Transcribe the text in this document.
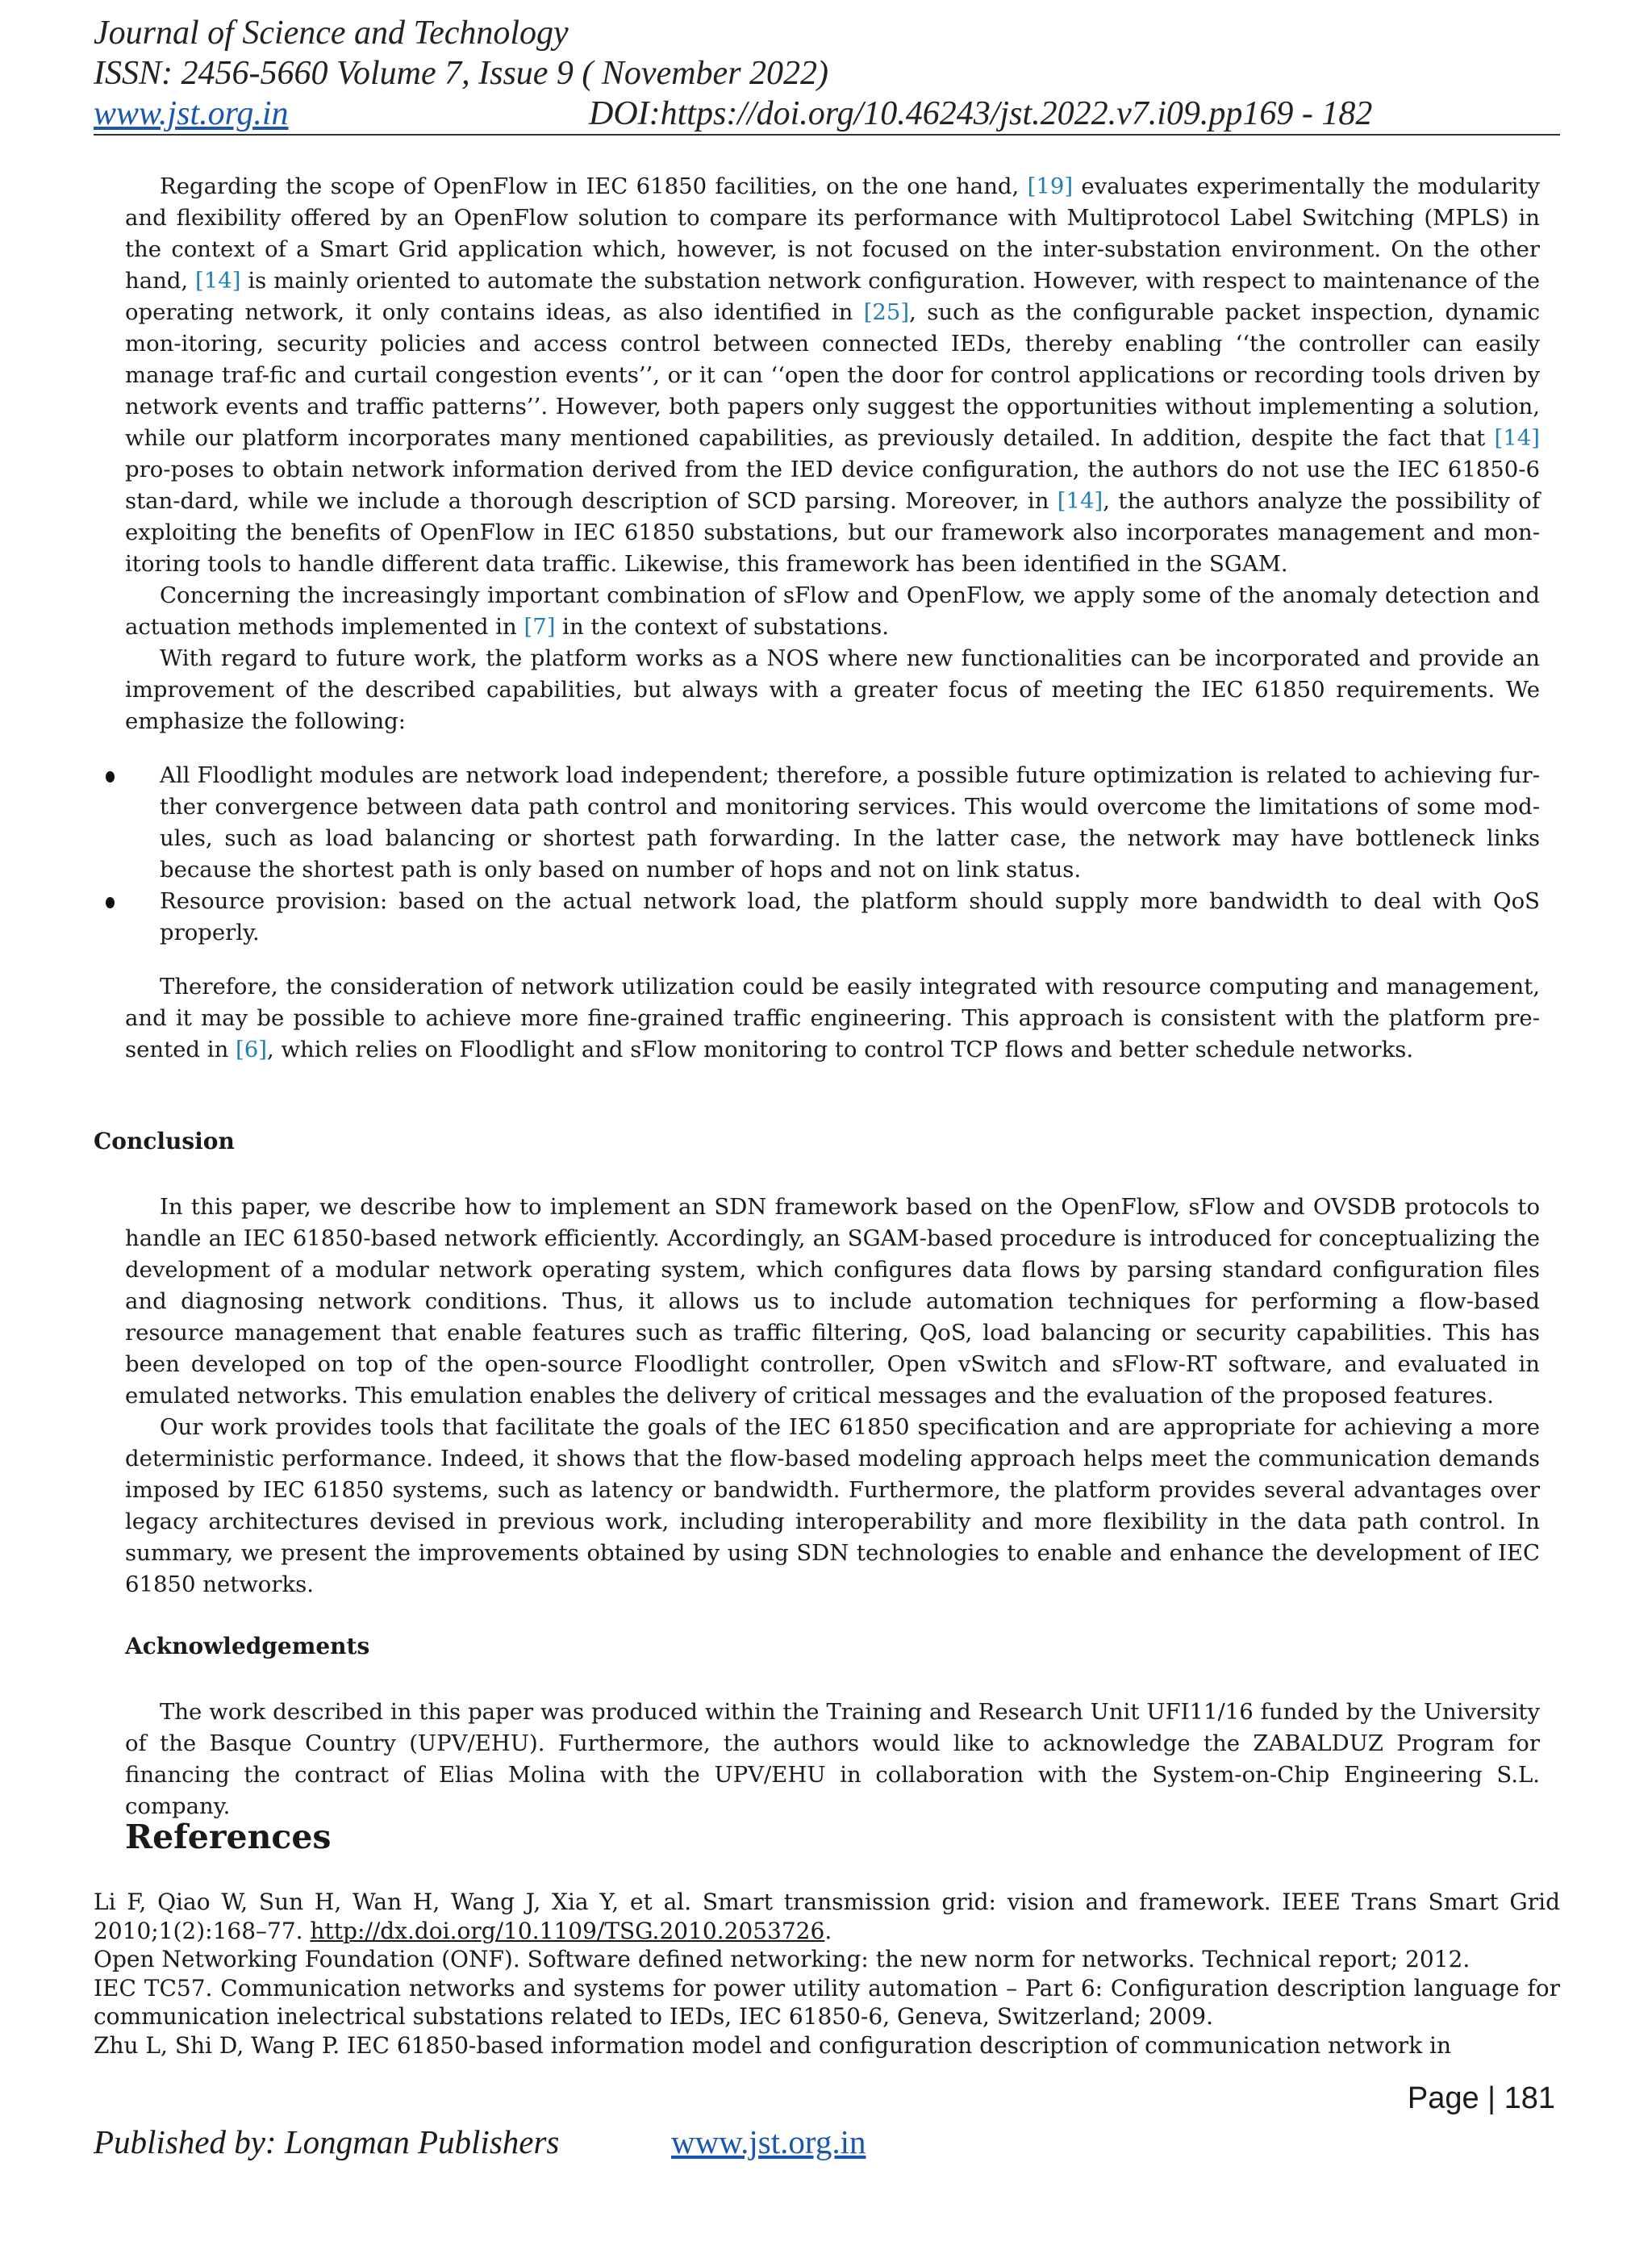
Journal of Science and Technology
ISSN: 2456-5660 Volume 7, Issue 9 ( November 2022)
www.jst.org.in	DOI:https://doi.org/10.46243/jst.2022.v7.i09.pp169 - 182

Regarding the scope of OpenFlow in IEC 61850 facilities, on the one hand, [19] evaluates experimentally the modularity and flexibility offered by an OpenFlow solution to compare its performance with Multiprotocol Label Switching (MPLS) in the context of a Smart Grid application which, however, is not focused on the inter-substation environment. On the other hand, [14] is mainly oriented to automate the substation network configuration. However, with respect to maintenance of the operating network, it only contains ideas, as also identified in [25], such as the configurable packet inspection, dynamic mon-itoring, security policies and access control between connected IEDs, thereby enabling ‘‘the controller can easily manage traf-fic and curtail congestion events’’, or it can ‘‘open the door for control applications or recording tools driven by network events and traffic patterns’’. However, both papers only suggest the opportunities without implementing a solution, while our platform incorporates many mentioned capabilities, as previously detailed. In addition, despite the fact that [14] pro-poses to obtain network information derived from the IED device configuration, the authors do not use the IEC 61850-6 stan-dard, while we include a thorough description of SCD parsing. Moreover, in [14], the authors analyze the possibility of exploiting the benefits of OpenFlow in IEC 61850 substations, but our framework also incorporates management and mon-itoring tools to handle different data traffic. Likewise, this framework has been identified in the SGAM.

Concerning the increasingly important combination of sFlow and OpenFlow, we apply some of the anomaly detection and actuation methods implemented in [7] in the context of substations.

With regard to future work, the platform works as a NOS where new functionalities can be incorporated and provide an improvement of the described capabilities, but always with a greater focus of meeting the IEC 61850 requirements. We emphasize the following:

All Floodlight modules are network load independent; therefore, a possible future optimization is related to achieving fur-ther convergence between data path control and monitoring services. This would overcome the limitations of some mod-ules, such as load balancing or shortest path forwarding. In the latter case, the network may have bottleneck links because the shortest path is only based on number of hops and not on link status.
Resource provision: based on the actual network load, the platform should supply more bandwidth to deal with QoS properly.

Therefore, the consideration of network utilization could be easily integrated with resource computing and management, and it may be possible to achieve more fine-grained traffic engineering. This approach is consistent with the platform pre-sented in [6], which relies on Floodlight and sFlow monitoring to control TCP flows and better schedule networks.

Conclusion

In this paper, we describe how to implement an SDN framework based on the OpenFlow, sFlow and OVSDB protocols to handle an IEC 61850-based network efficiently. Accordingly, an SGAM-based procedure is introduced for conceptualizing the development of a modular network operating system, which configures data flows by parsing standard configuration files and diagnosing network conditions. Thus, it allows us to include automation techniques for performing a flow-based resource management that enable features such as traffic filtering, QoS, load balancing or security capabilities. This has been developed on top of the open-source Floodlight controller, Open vSwitch and sFlow-RT software, and evaluated in emulated networks. This emulation enables the delivery of critical messages and the evaluation of the proposed features.

Our work provides tools that facilitate the goals of the IEC 61850 specification and are appropriate for achieving a more deterministic performance. Indeed, it shows that the flow-based modeling approach helps meet the communication demands imposed by IEC 61850 systems, such as latency or bandwidth. Furthermore, the platform provides several advantages over legacy architectures devised in previous work, including interoperability and more flexibility in the data path control. In summary, we present the improvements obtained by using SDN technologies to enable and enhance the development of IEC 61850 networks.

Acknowledgements

The work described in this paper was produced within the Training and Research Unit UFI11/16 funded by the University of the Basque Country (UPV/EHU). Furthermore, the authors would like to acknowledge the ZABALDUZ Program for financing the contract of Elias Molina with the UPV/EHU in collaboration with the System-on-Chip Engineering S.L. company.

References

Li F, Qiao W, Sun H, Wan H, Wang J, Xia Y, et al. Smart transmission grid: vision and framework. IEEE Trans Smart Grid 2010;1(2):168–77. http://dx.doi.org/10.1109/TSG.2010.2053726.

Open Networking Foundation (ONF). Software defined networking: the new norm for networks. Technical report; 2012.

IEC TC57. Communication networks and systems for power utility automation – Part 6: Configuration description language for communication inelectrical substations related to IEDs, IEC 61850-6, Geneva, Switzerland; 2009.

Zhu L, Shi D, Wang P. IEC 61850-based information model and configuration description of communication network in

Page | 181
Published by: Longman Publishers	www.jst.org.in
